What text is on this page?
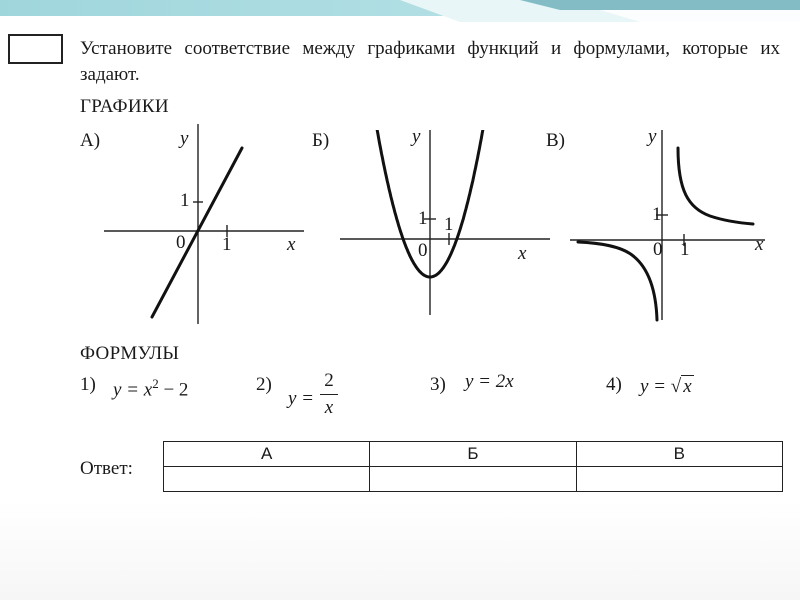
Установите соответствие между графиками функций и формулами, которые их задают.
ГРАФИКИ
А)	y
x
1
1
0
Б)	y
x
1 1
0
В)	y
x
1
1
0
ФОРМУЛЫ
1) $y = x^2 - 2$	2)
y =
2
x
3) y = 2x	4) y = √ x
Ответ:
А	Б	В
